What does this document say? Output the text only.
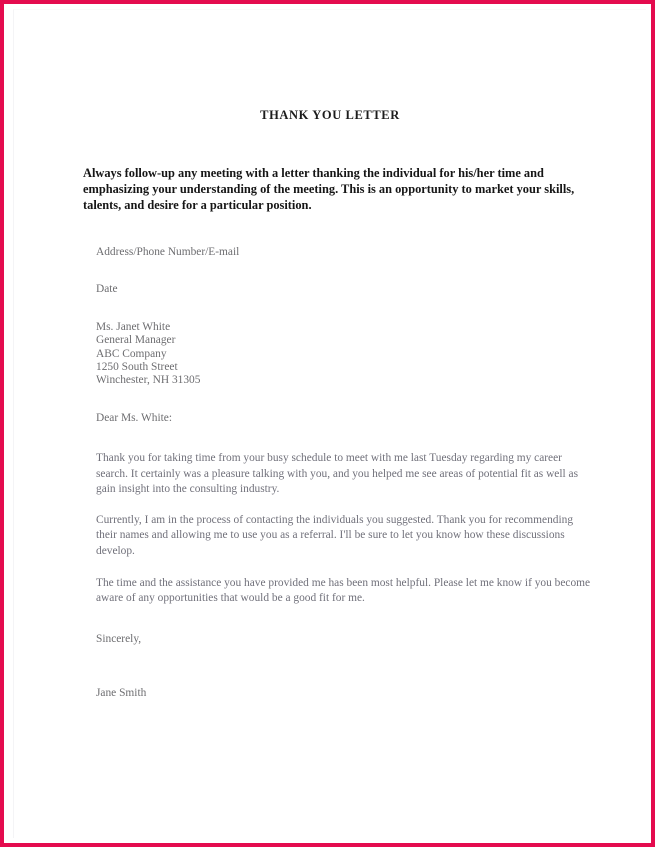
THANK YOU LETTER
Always follow-up any meeting with a letter thanking the individual for his/her time and emphasizing your understanding of the meeting. This is an opportunity to market your skills, talents, and desire for a particular position.
Address/Phone Number/E-mail
Date
Ms. Janet White
General Manager
ABC Company
1250 South Street
Winchester, NH 31305
Dear Ms. White:
Thank you for taking time from your busy schedule to meet with me last Tuesday regarding my career search. It certainly was a pleasure talking with you, and you helped me see areas of potential fit as well as gain insight into the consulting industry.
Currently, I am in the process of contacting the individuals you suggested. Thank you for recommending their names and allowing me to use you as a referral. I'll be sure to let you know how these discussions develop.
The time and the assistance you have provided me has been most helpful. Please let me know if you become aware of any opportunities that would be a good fit for me.
Sincerely,
Jane Smith
